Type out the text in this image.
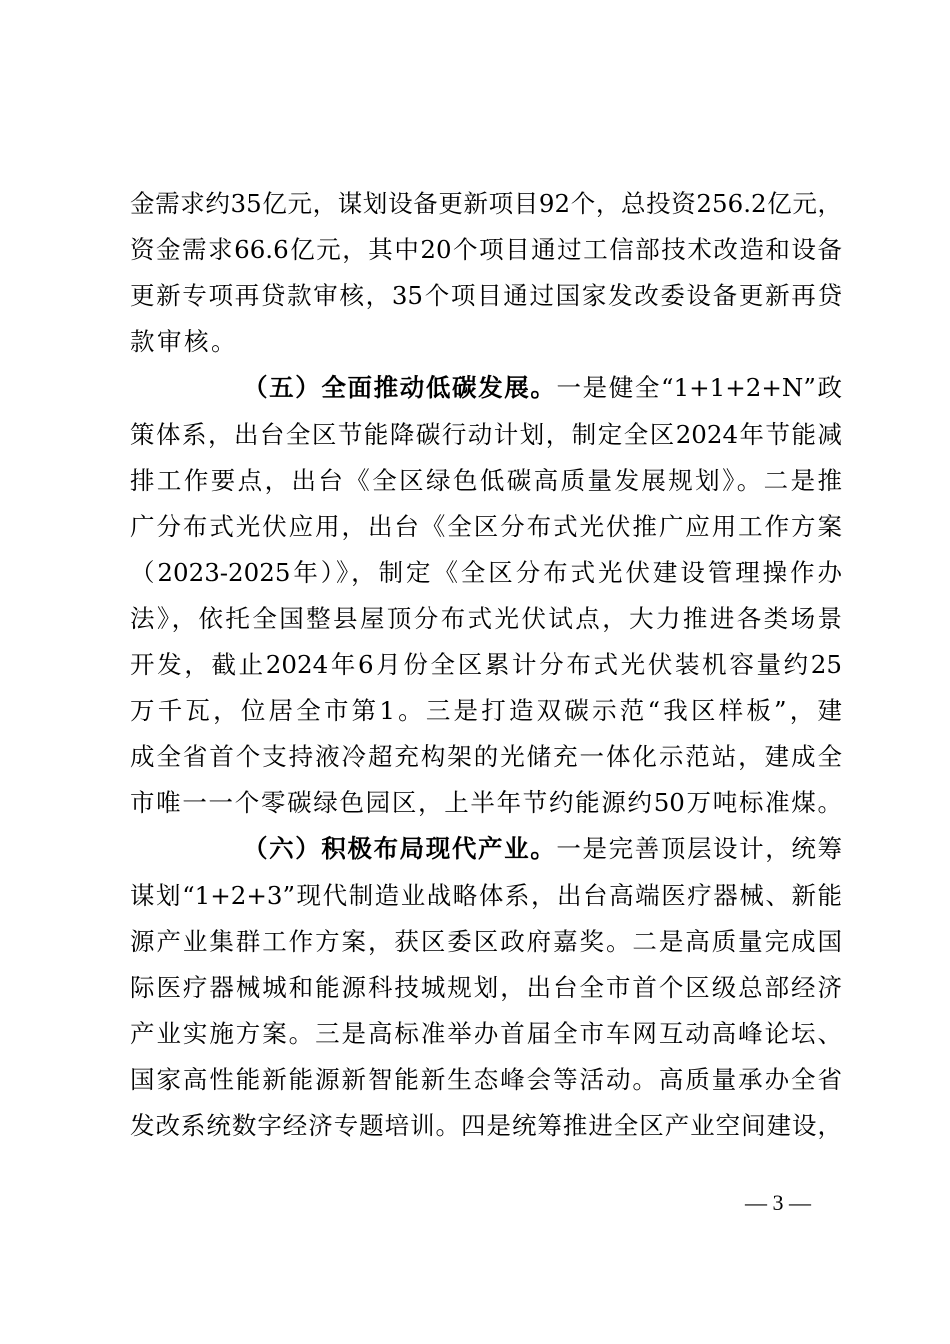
金需求约35亿元，谋划设备更新项目92个，总投资256.2亿元，
资金需求66.6亿元，其中20个项目通过工信部技术改造和设备
更新专项再贷款审核，35个项目通过国家发改委设备更新再贷
款审核。
（五）全面推动低碳发展。一是健全“1+1+2+N”政
策体系，出台全区节能降碳行动计划，制定全区2024年节能减
排工作要点，出台《全区绿色低碳高质量发展规划》。二是推
广分布式光伏应用，出台《全区分布式光伏推广应用工作方案
（2023-2025年）》，制定《全区分布式光伏建设管理操作办
法》，依托全国整县屋顶分布式光伏试点，大力推进各类场景
开发，截止2024年6月份全区累计分布式光伏装机容量约25
万千瓦，位居全市第1。三是打造双碳示范“我区样板”，建
成全省首个支持液冷超充构架的光储充一体化示范站，建成全
市唯一一个零碳绿色园区，上半年节约能源约50万吨标准煤。
（六）积极布局现代产业。一是完善顶层设计，统筹
谋划“1+2+3”现代制造业战略体系，出台高端医疗器械、新能
源产业集群工作方案，获区委区政府嘉奖。二是高质量完成国
际医疗器械城和能源科技城规划，出台全市首个区级总部经济
产业实施方案。三是高标准举办首届全市车网互动高峰论坛、
国家高性能新能源新智能新生态峰会等活动。高质量承办全省
发改系统数字经济专题培训。四是统筹推进全区产业空间建设，
— 3 —
